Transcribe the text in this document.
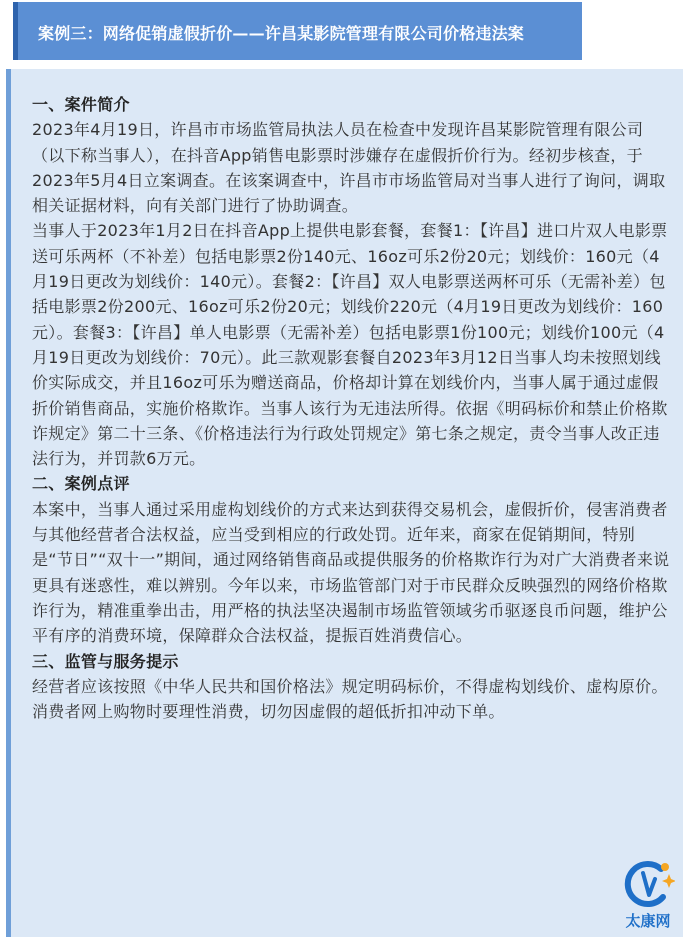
案例三：网络促销虚假折价——许昌某影院管理有限公司价格违法案

一、案件简介

2023年4月19日，许昌市市场监管局执法人员在检查中发现许昌某影院管理有限公司（以下称当事人），在抖音App销售电影票时涉嫌存在虚假折价行为。经初步核查，于2023年5月4日立案调查。在该案调查中，许昌市市场监管局对当事人进行了询问，调取相关证据材料，向有关部门进行了协助调查。

当事人于2023年1月2日在抖音App上提供电影套餐，套餐1：【许昌】进口片双人电影票送可乐两杯（不补差）包括电影票2份140元、16oz可乐2份20元；划线价：160元（4月19日更改为划线价：140元）。套餐2：【许昌】双人电影票送两杯可乐（无需补差）包括电影票2份200元、16oz可乐2份20元；划线价220元（4月19日更改为划线价：160元）。套餐3：【许昌】单人电影票（无需补差）包括电影票1份100元；划线价100元（4月19日更改为划线价：70元）。此三款观影套餐自2023年3月12日当事人均未按照划线价实际成交，并且16oz可乐为赠送商品，价格却计算在划线价内，当事人属于通过虚假折价销售商品，实施价格欺诈。当事人该行为无违法所得。依据《明码标价和禁止价格欺诈规定》第二十三条、《价格违法行为行政处罚规定》第七条之规定，责令当事人改正违法行为，并罚款6万元。

二、案例点评

本案中，当事人通过采用虚构划线价的方式来达到获得交易机会，虚假折价，侵害消费者与其他经营者合法权益，应当受到相应的行政处罚。近年来，商家在促销期间，特别是“节日”“双十一”期间，通过网络销售商品或提供服务的价格欺诈行为对广大消费者来说更具有迷惑性，难以辨别。今年以来，市场监管部门对于市民群众反映强烈的网络价格欺诈行为，精准重拳出击，用严格的执法坚决遏制市场监管领域劣币驱逐良币问题，维护公平有序的消费环境，保障群众合法权益，提振百姓消费信心。

三、监管与服务提示

经营者应该按照《中华人民共和国价格法》规定明码标价，不得虚构划线价、虚构原价。消费者网上购物时要理性消费，切勿因虚假的超低折扣冲动下单。

太康网
